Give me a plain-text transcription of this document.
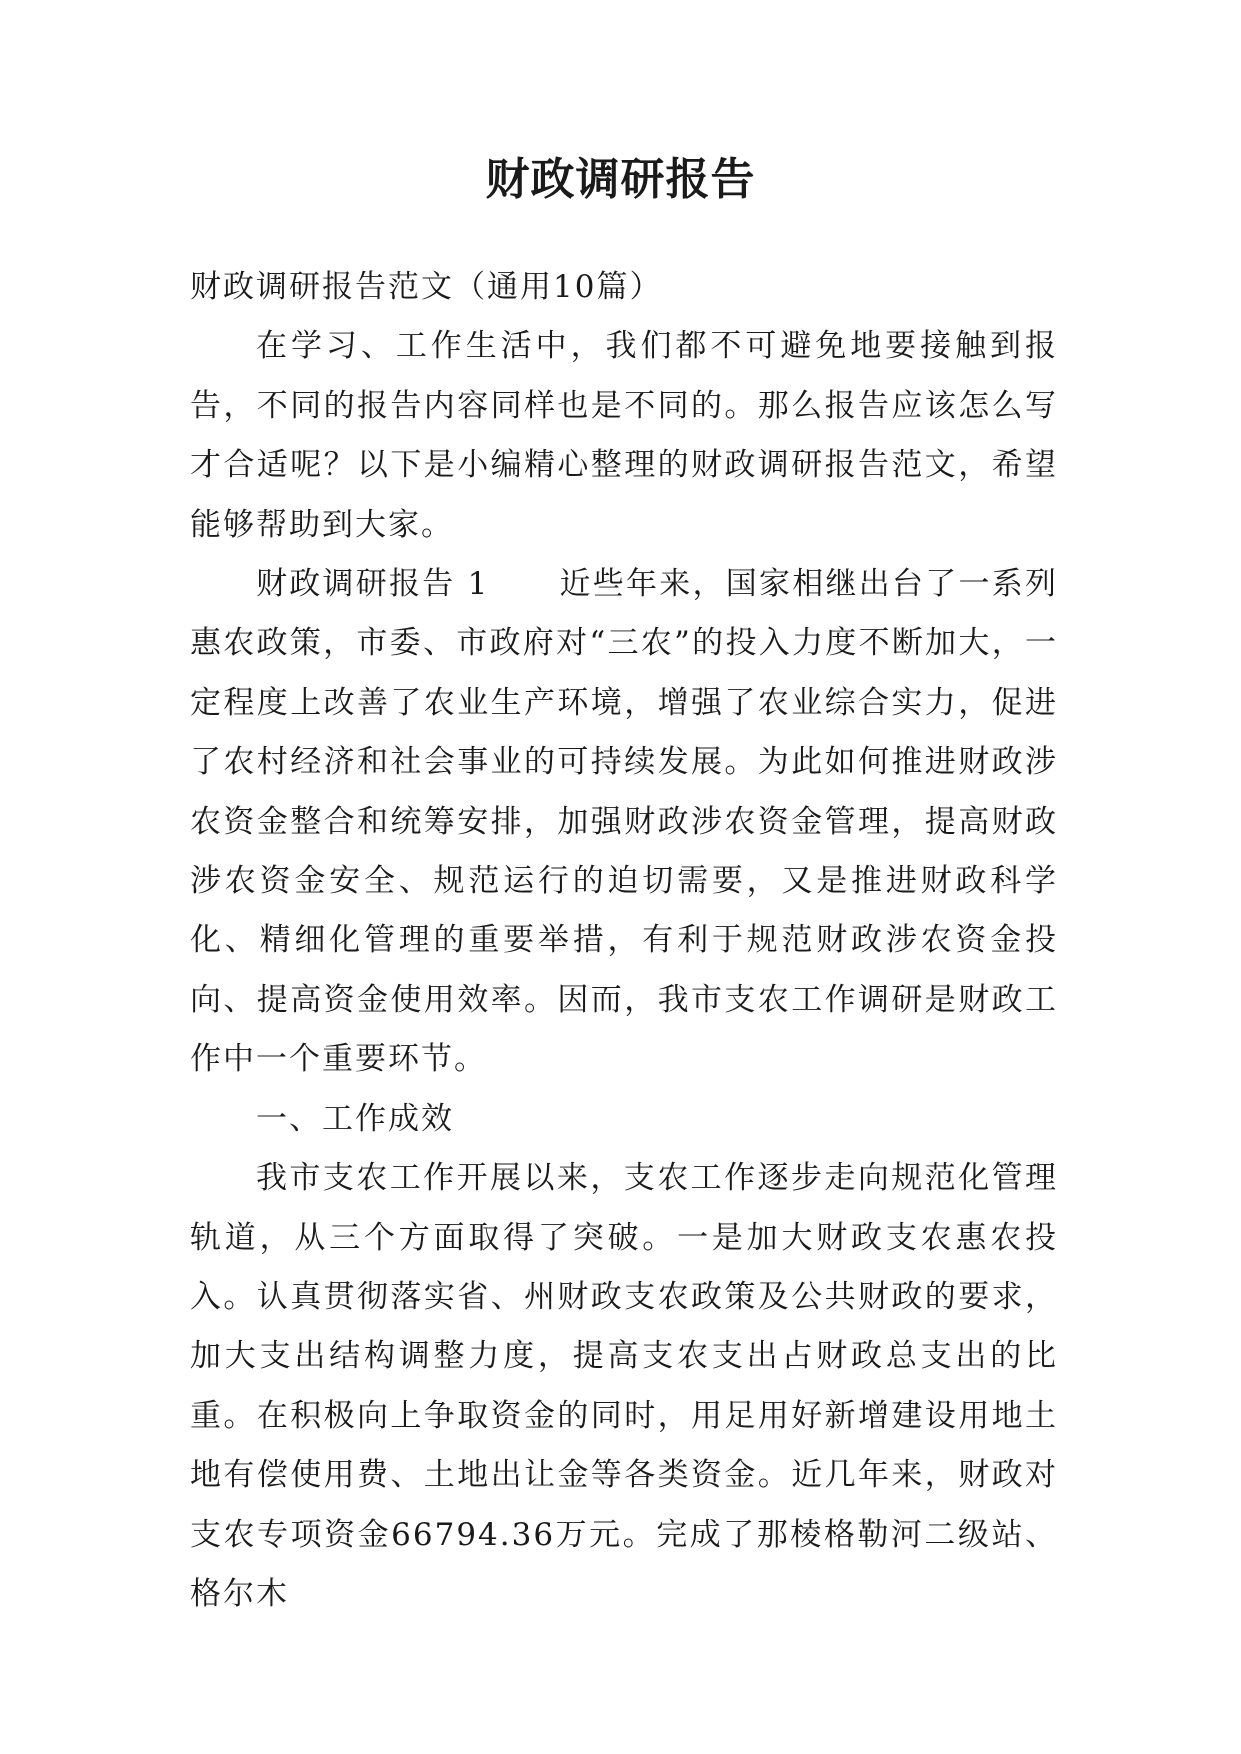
财政调研报告

财政调研报告范文（通用10篇）

在学习、工作生活中，我们都不可避免地要接触到报告，不同的报告内容同样也是不同的。那么报告应该怎么写才合适呢？以下是小编精心整理的财政调研报告范文，希望能够帮助到大家。

财政调研报告 1 近些年来，国家相继出台了一系列惠农政策，市委、市政府对“三农”的投入力度不断加大，一定程度上改善了农业生产环境，增强了农业综合实力，促进了农村经济和社会事业的可持续发展。为此如何推进财政涉农资金整合和统筹安排，加强财政涉农资金管理，提高财政涉农资金安全、规范运行的迫切需要，又是推进财政科学化、精细化管理的重要举措，有利于规范财政涉农资金投向、提高资金使用效率。因而，我市支农工作调研是财政工作中一个重要环节。

一、工作成效

我市支农工作开展以来，支农工作逐步走向规范化管理轨道，从三个方面取得了突破。一是加大财政支农惠农投入。认真贯彻落实省、州财政支农政策及公共财政的要求，加大支出结构调整力度，提高支农支出占财政总支出的比重。在积极向上争取资金的同时，用足用好新增建设用地土地有偿使用费、土地出让金等各类资金。近几年来，财政对支农专项资金66794.36万元。完成了那棱格勒河二级站、格尔木
